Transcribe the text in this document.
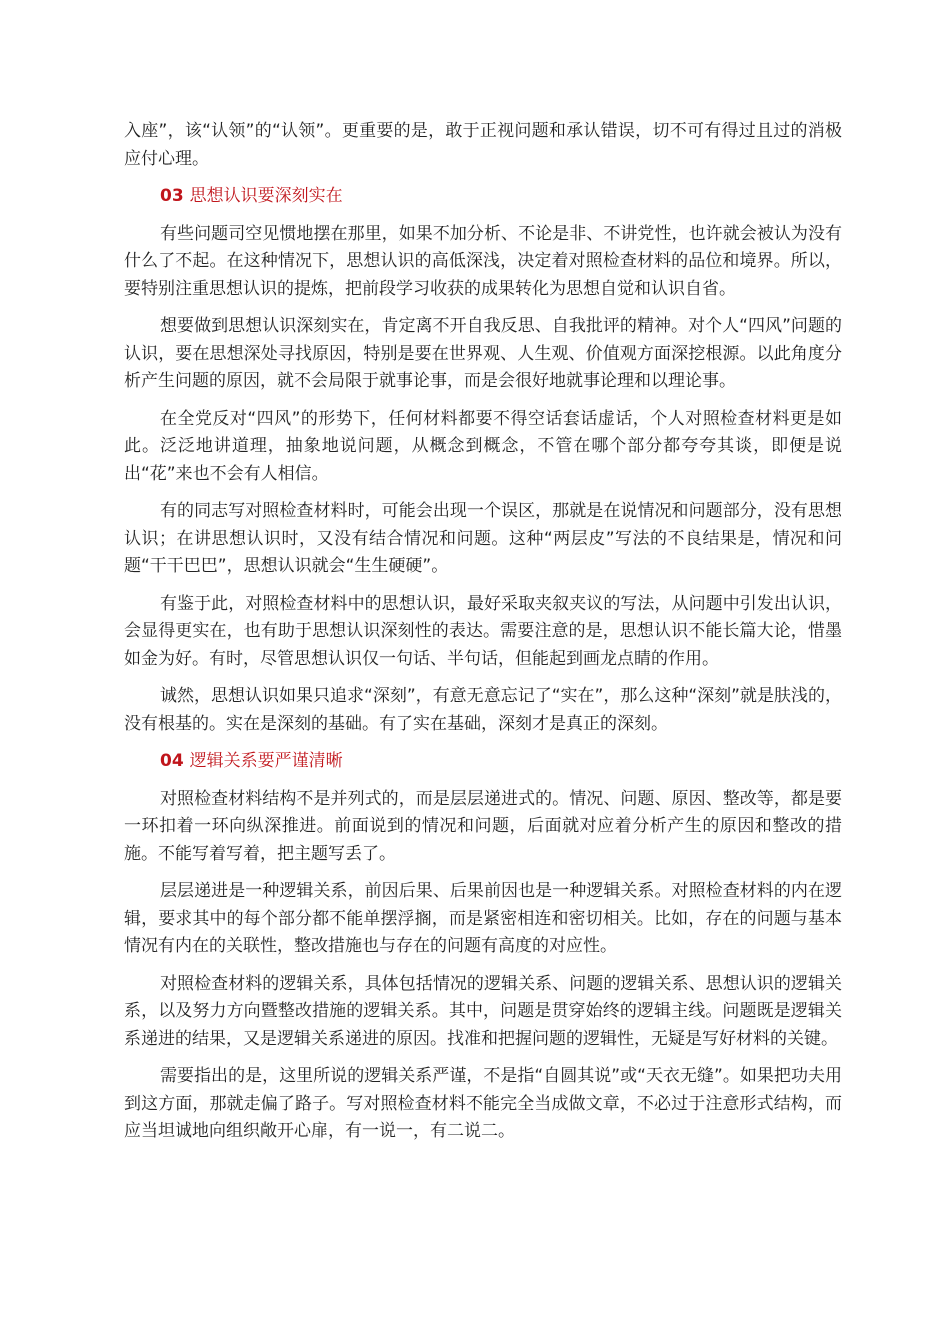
入座”，该“认领”的“认领”。更重要的是，敢于正视问题和承认错误，切不可有得过且过的消极应付心理。

03 思想认识要深刻实在

有些问题司空见惯地摆在那里，如果不加分析、不论是非、不讲党性，也许就会被认为没有什么了不起。在这种情况下，思想认识的高低深浅，决定着对照检查材料的品位和境界。所以，要特别注重思想认识的提炼，把前段学习收获的成果转化为思想自觉和认识自省。

想要做到思想认识深刻实在，肯定离不开自我反思、自我批评的精神。对个人“四风”问题的认识，要在思想深处寻找原因，特别是要在世界观、人生观、价值观方面深挖根源。以此角度分析产生问题的原因，就不会局限于就事论事，而是会很好地就事论理和以理论事。

在全党反对“四风”的形势下，任何材料都要不得空话套话虚话，个人对照检查材料更是如此。泛泛地讲道理，抽象地说问题，从概念到概念，不管在哪个部分都夸夸其谈，即便是说出“花”来也不会有人相信。

有的同志写对照检查材料时，可能会出现一个误区，那就是在说情况和问题部分，没有思想认识；在讲思想认识时，又没有结合情况和问题。这种“两层皮”写法的不良结果是，情况和问题“干干巴巴”，思想认识就会“生生硬硬”。

有鉴于此，对照检查材料中的思想认识，最好采取夹叙夹议的写法，从问题中引发出认识，会显得更实在，也有助于思想认识深刻性的表达。需要注意的是，思想认识不能长篇大论，惜墨如金为好。有时，尽管思想认识仅一句话、半句话，但能起到画龙点睛的作用。

诚然，思想认识如果只追求“深刻”，有意无意忘记了“实在”，那么这种“深刻”就是肤浅的，没有根基的。实在是深刻的基础。有了实在基础，深刻才是真正的深刻。

04 逻辑关系要严谨清晰

对照检查材料结构不是并列式的，而是层层递进式的。情况、问题、原因、整改等，都是要一环扣着一环向纵深推进。前面说到的情况和问题，后面就对应着分析产生的原因和整改的措施。不能写着写着，把主题写丢了。

层层递进是一种逻辑关系，前因后果、后果前因也是一种逻辑关系。对照检查材料的内在逻辑，要求其中的每个部分都不能单摆浮搁，而是紧密相连和密切相关。比如，存在的问题与基本情况有内在的关联性，整改措施也与存在的问题有高度的对应性。

对照检查材料的逻辑关系，具体包括情况的逻辑关系、问题的逻辑关系、思想认识的逻辑关系，以及努力方向暨整改措施的逻辑关系。其中，问题是贯穿始终的逻辑主线。问题既是逻辑关系递进的结果，又是逻辑关系递进的原因。找准和把握问题的逻辑性，无疑是写好材料的关键。

需要指出的是，这里所说的逻辑关系严谨，不是指“自圆其说”或“天衣无缝”。如果把功夫用到这方面，那就走偏了路子。写对照检查材料不能完全当成做文章，不必过于注意形式结构，而应当坦诚地向组织敞开心扉，有一说一，有二说二。
